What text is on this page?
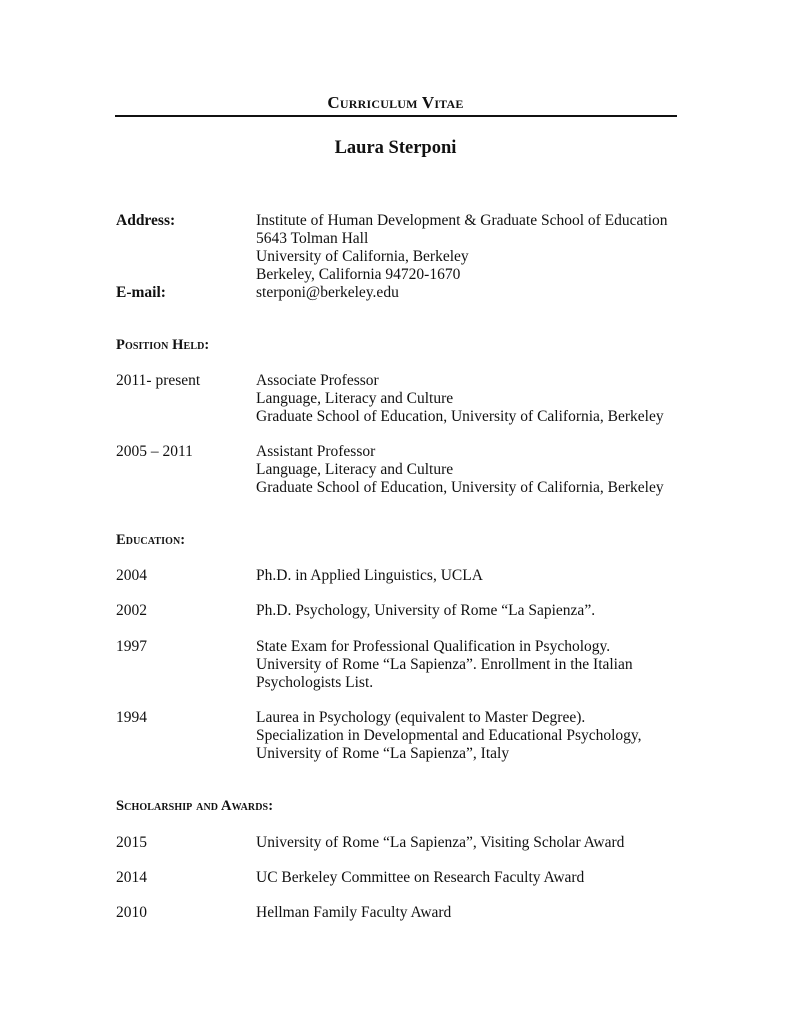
Curriculum Vitae
Laura Sterponi
Address:	Institute of Human Development & Graduate School of Education
5643 Tolman Hall
University of California, Berkeley
Berkeley, California 94720-1670
E-mail:	sterponi@berkeley.edu
Position Held:
2011- present	Associate Professor
Language, Literacy and Culture
Graduate School of Education, University of California, Berkeley
2005 – 2011	Assistant Professor
Language, Literacy and Culture
Graduate School of Education, University of California, Berkeley
Education:
2004	Ph.D. in Applied Linguistics, UCLA
2002	Ph.D. Psychology, University of Rome “La Sapienza”.
1997	State Exam for Professional Qualification in Psychology.
University of Rome “La Sapienza”. Enrollment in the Italian
Psychologists List.
1994	Laurea in Psychology (equivalent to Master Degree).
Specialization in Developmental and Educational Psychology,
University of Rome “La Sapienza”, Italy
Scholarship and Awards:
2015	University of Rome “La Sapienza”, Visiting Scholar Award
2014	UC Berkeley Committee on Research Faculty Award
2010	Hellman Family Faculty Award
